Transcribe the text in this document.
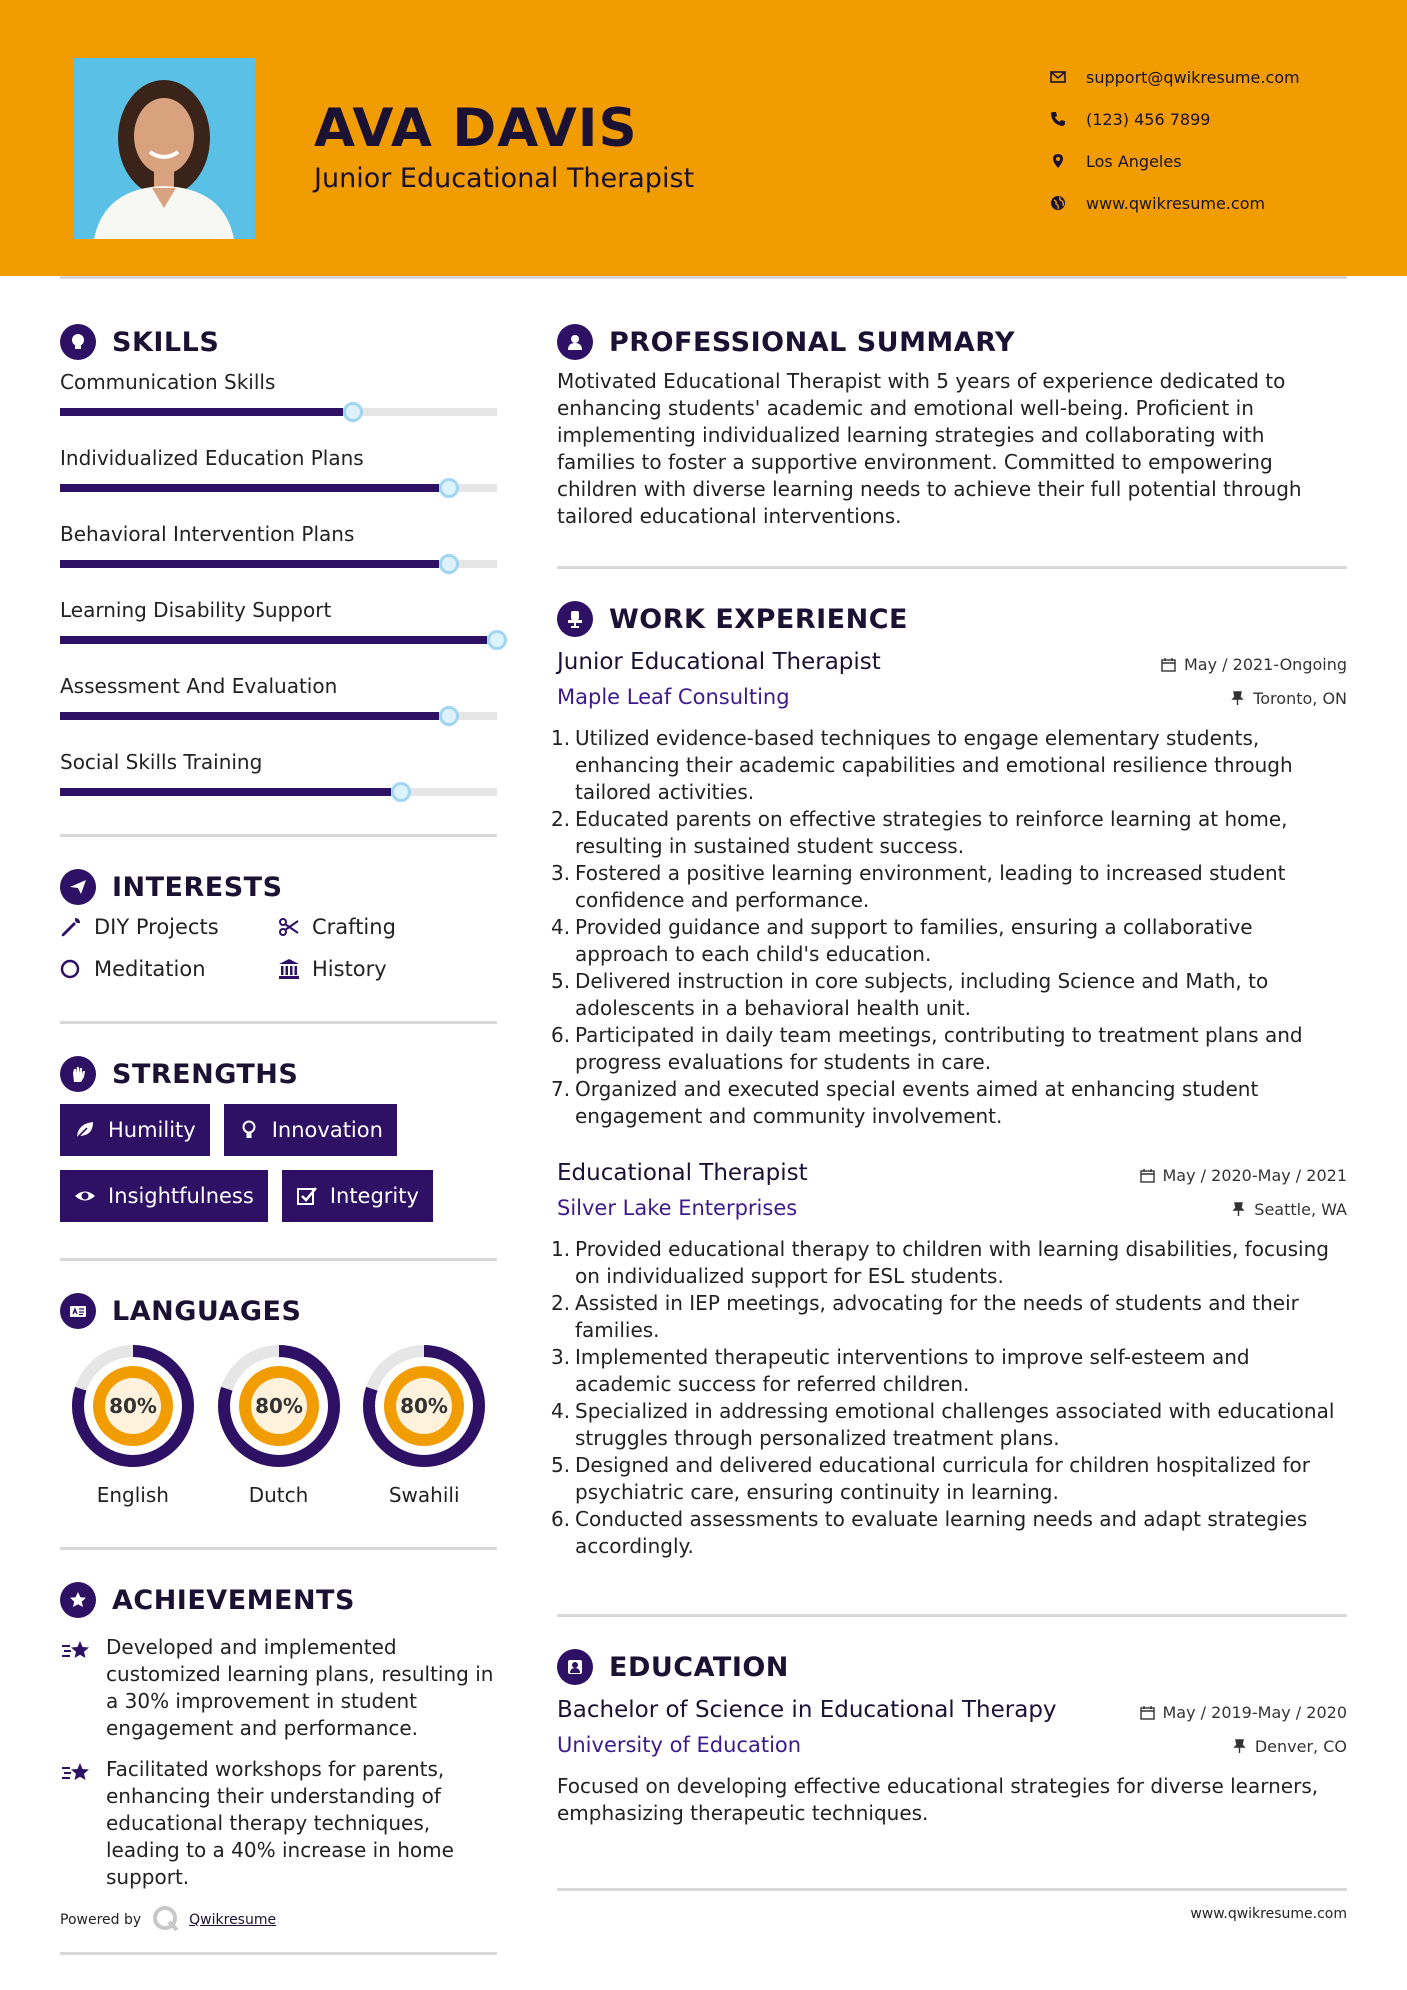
AVA DAVIS
Junior Educational Therapist
support@qwikresume.com
(123) 456 7899
Los Angeles
www.qwikresume.com
SKILLS
Communication Skills
Individualized Education Plans
Behavioral Intervention Plans
Learning Disability Support
Assessment And Evaluation
Social Skills Training
INTERESTS
DIY Projects	Crafting
Meditation	History
STRENGTHS
Humility	Innovation
Insightfulness	Integrity
LANGUAGES
80%
English
80%
Dutch
80%
Swahili
ACHIEVEMENTS
Developed and implemented customized learning plans, resulting in a 30% improvement in student engagement and performance.
Facilitated workshops for parents, enhancing their understanding of educational therapy techniques, leading to a 40% increase in home support.
PROFESSIONAL SUMMARY

Motivated Educational Therapist with 5 years of experience dedicated to enhancing students' academic and emotional well-being. Proficient in implementing individualized learning strategies and collaborating with families to foster a supportive environment. Committed to empowering children with diverse learning needs to achieve their full potential through tailored educational interventions.

WORK EXPERIENCE
Junior Educational Therapist	May / 2021-Ongoing
Maple Leaf Consulting	Toronto, ON
Utilized evidence-based techniques to engage elementary students, enhancing their academic capabilities and emotional resilience through tailored activities.
Educated parents on effective strategies to reinforce learning at home, resulting in sustained student success.
Fostered a positive learning environment, leading to increased student confidence and performance.
Provided guidance and support to families, ensuring a collaborative approach to each child's education.
Delivered instruction in core subjects, including Science and Math, to adolescents in a behavioral health unit.
Participated in daily team meetings, contributing to treatment plans and progress evaluations for students in care.
Organized and executed special events aimed at enhancing student engagement and community involvement.
Educational Therapist	May / 2020-May / 2021
Silver Lake Enterprises	Seattle, WA
Provided educational therapy to children with learning disabilities, focusing on individualized support for ESL students.
Assisted in IEP meetings, advocating for the needs of students and their families.
Implemented therapeutic interventions to improve self-esteem and academic success for referred children.
Specialized in addressing emotional challenges associated with educational struggles through personalized treatment plans.
Designed and delivered educational curricula for children hospitalized for psychiatric care, ensuring continuity in learning.
Conducted assessments to evaluate learning needs and adapt strategies accordingly.
EDUCATION
Bachelor of Science in Educational Therapy	May / 2019-May / 2020
University of Education	Denver, CO

Focused on developing effective educational strategies for diverse learners, emphasizing therapeutic techniques.

Powered by	Qwikresume	www.qwikresume.com
